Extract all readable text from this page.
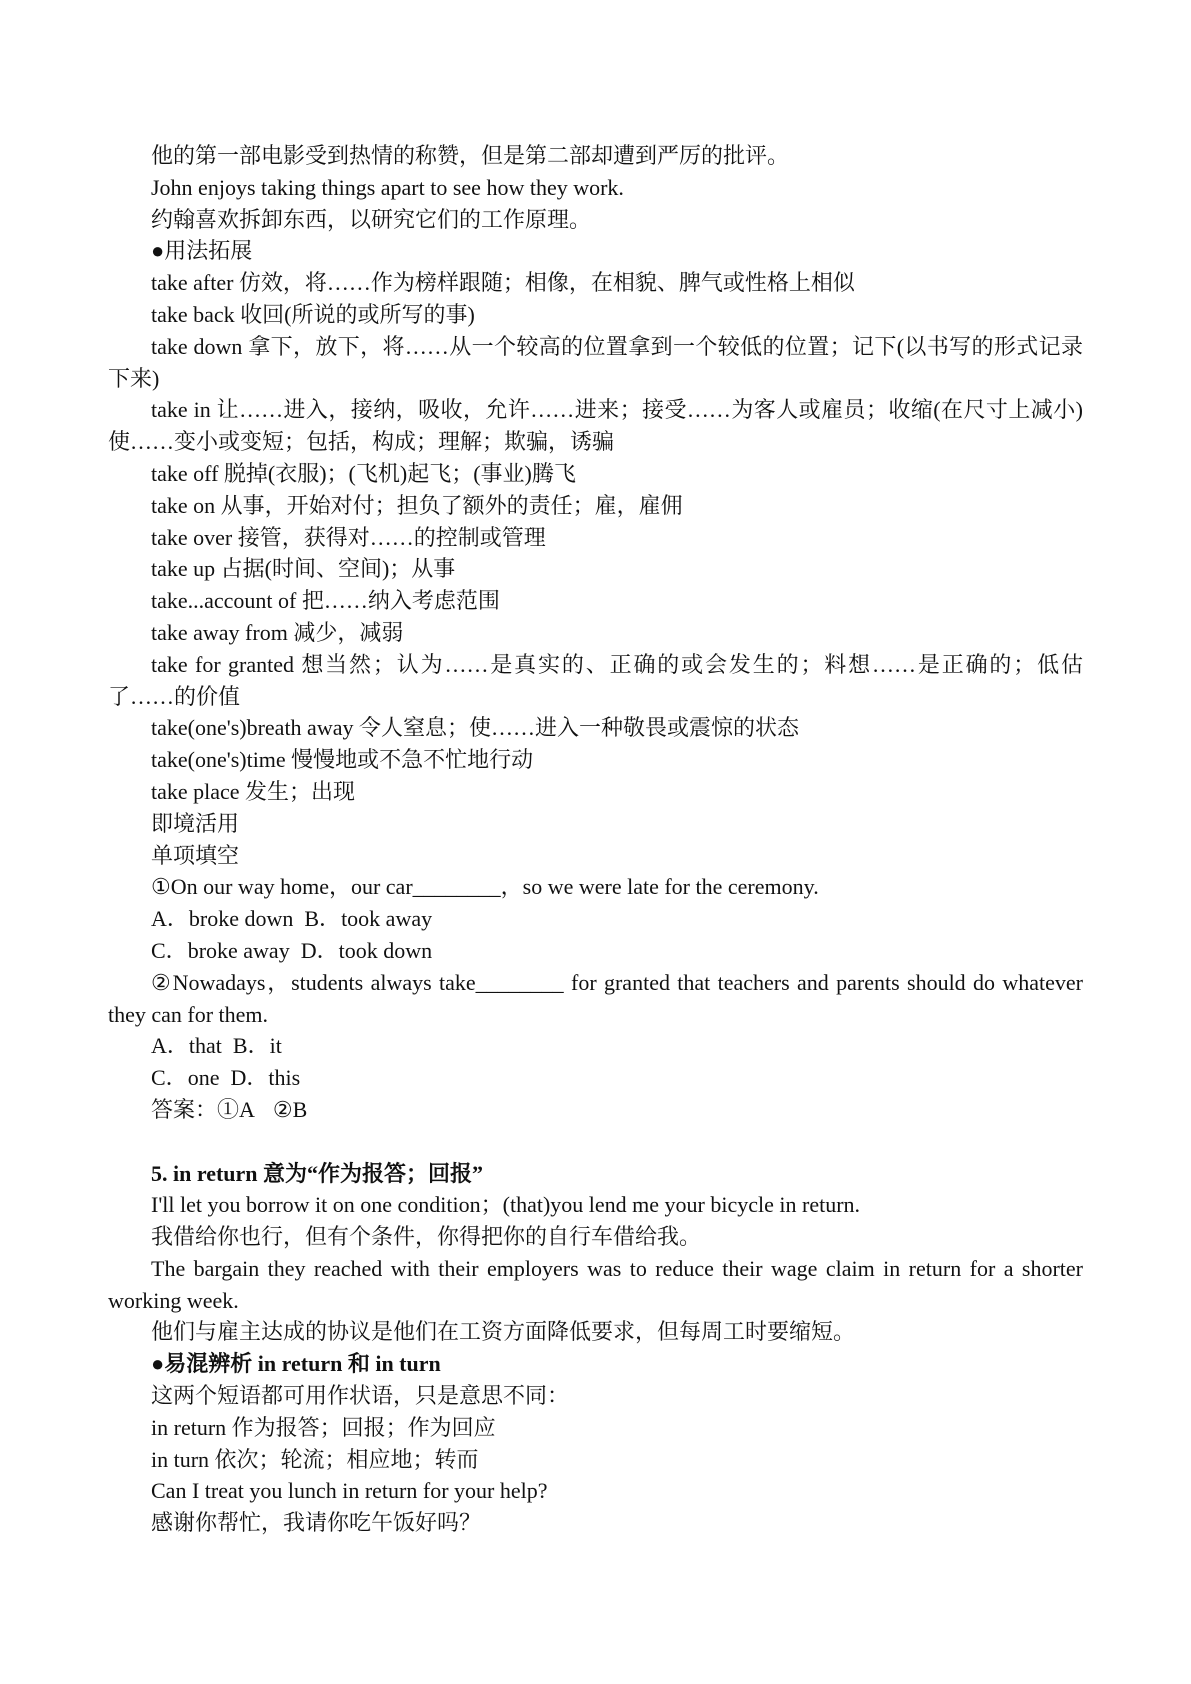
他的第一部电影受到热情的称赞，但是第二部却遭到严厉的批评。

John enjoys taking things apart to see how they work.

约翰喜欢拆卸东西，以研究它们的工作原理。

●用法拓展

take after 仿效，将……作为榜样跟随；相像，在相貌、脾气或性格上相似

take back 收回(所说的或所写的事)

take down 拿下，放下，将……从一个较高的位置拿到一个较低的位置；记下(以书写的形式记录下来)

take in 让……进入，接纳，吸收，允许……进来；接受……为客人或雇员；收缩(在尺寸上减小)使……变小或变短；包括，构成；理解；欺骗，诱骗

take off 脱掉(衣服)；(飞机)起飞；(事业)腾飞

take on 从事，开始对付；担负了额外的责任；雇，雇佣

take over 接管，获得对……的控制或管理

take up 占据(时间、空间)；从事

take...account of 把……纳入考虑范围

take away from 减少，减弱

take for granted 想当然；认为……是真实的、正确的或会发生的；料想……是正确的；低估了……的价值

take(one's)breath away 令人窒息；使……进入一种敬畏或震惊的状态

take(one's)time 慢慢地或不急不忙地行动

take place 发生；出现

即境活用

单项填空

①On our way home，our car________，so we were late for the ceremony.

A．broke down B．took away

C．broke away D．took down

②Nowadays，students always take________ for granted that teachers and parents should do whatever they can for them.

A．that B．it

C．one D．this

答案：①A ②B

5. in return 意为“作为报答；回报”

I'll let you borrow it on one condition；(that)you lend me your bicycle in return.

我借给你也行，但有个条件，你得把你的自行车借给我。

The bargain they reached with their employers was to reduce their wage claim in return for a shorter working week.

他们与雇主达成的协议是他们在工资方面降低要求，但每周工时要缩短。

●易混辨析 in return 和 in turn

这两个短语都可用作状语，只是意思不同：

in return 作为报答；回报；作为回应

in turn 依次；轮流；相应地；转而

Can I treat you lunch in return for your help?

感谢你帮忙，我请你吃午饭好吗？
